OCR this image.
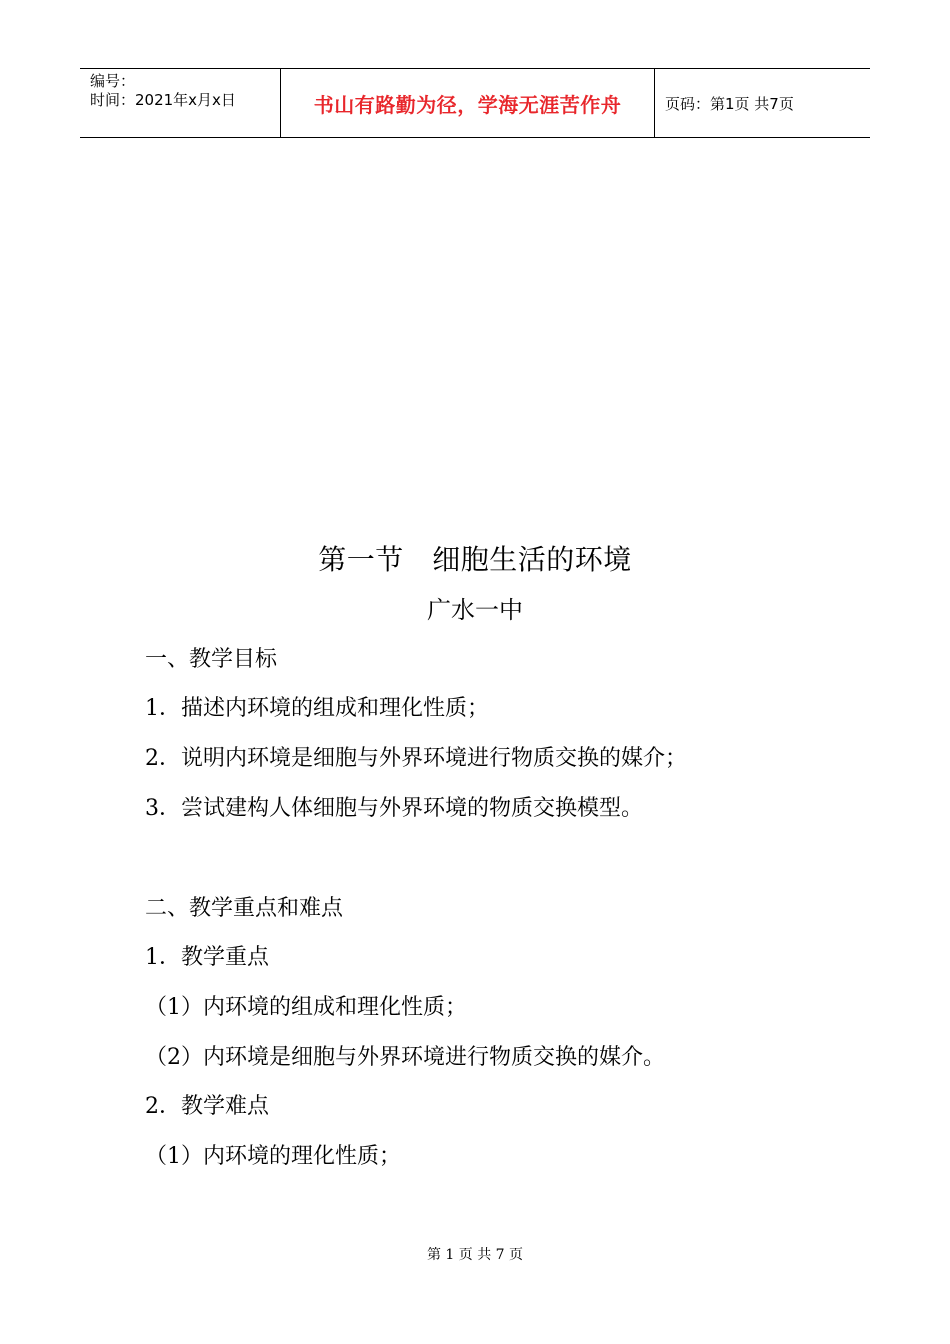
编号：
时间：2021年x月x日	书山有路勤为径，学海无涯苦作舟	页码：第1页 共7页
第一节　细胞生活的环境
广水一中
一、教学目标
1．描述内环境的组成和理化性质；
2．说明内环境是细胞与外界环境进行物质交换的媒介；
3．尝试建构人体细胞与外界环境的物质交换模型。
二、教学重点和难点
1．教学重点
（1）内环境的组成和理化性质；
（2）内环境是细胞与外界环境进行物质交换的媒介。
2．教学难点
（1）内环境的理化性质；
第 1 页 共 7 页
